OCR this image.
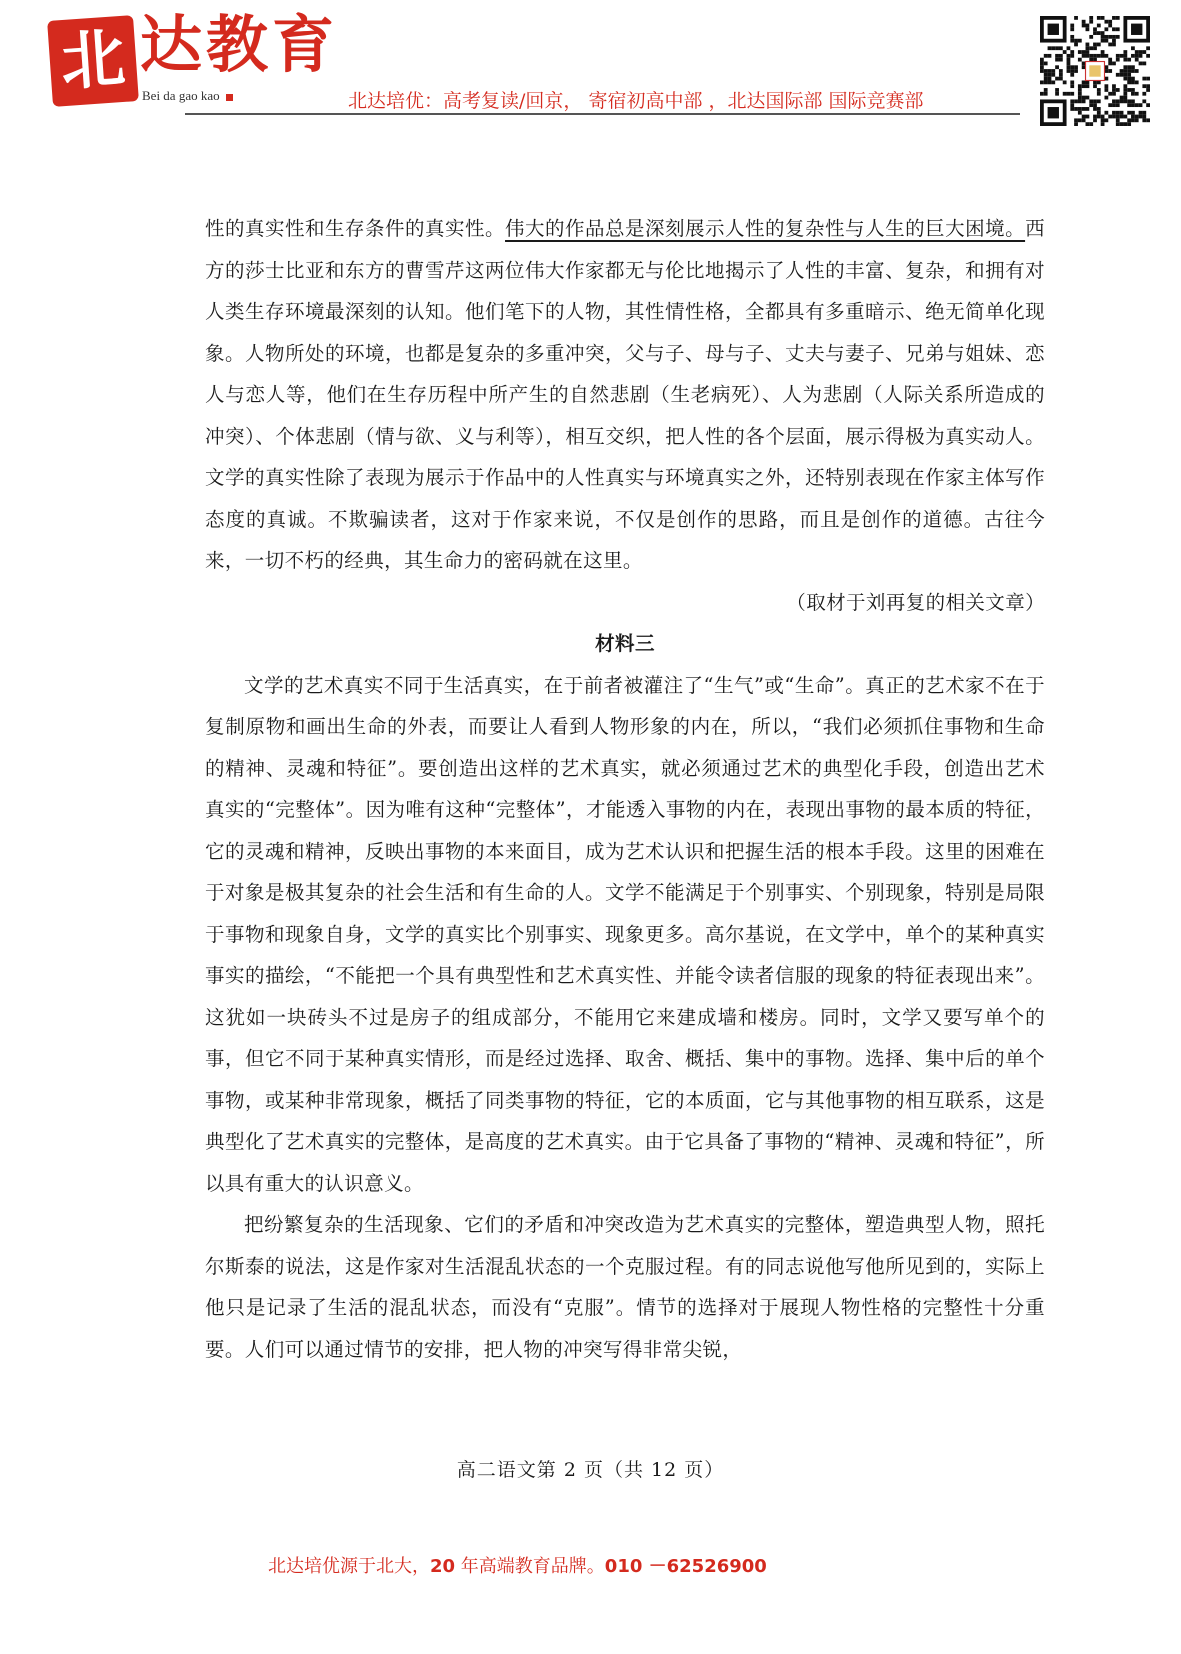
北 达教育
Bei da gao kao	北达培优：高考复读/回京， 寄宿初高中部 ，北达国际部 国际竞赛部

性的真实性和生存条件的真实性。伟大的作品总是深刻展示人性的复杂性与人生的巨大困境。西方的莎士比亚和东方的曹雪芹这两位伟大作家都无与伦比地揭示了人性的丰富、复杂，和拥有对人类生存环境最深刻的认知。他们笔下的人物，其性情性格，全都具有多重暗示、绝无简单化现象。人物所处的环境，也都是复杂的多重冲突，父与子、母与子、丈夫与妻子、兄弟与姐妹、恋人与恋人等，他们在生存历程中所产生的自然悲剧（生老病死）、人为悲剧（人际关系所造成的冲突）、个体悲剧（情与欲、义与利等），相互交织，把人性的各个层面，展示得极为真实动人。文学的真实性除了表现为展示于作品中的人性真实与环境真实之外，还特别表现在作家主体写作态度的真诚。不欺骗读者，这对于作家来说，不仅是创作的思路，而且是创作的道德。古往今来，一切不朽的经典，其生命力的密码就在这里。

（取材于刘再复的相关文章）

材料三

文学的艺术真实不同于生活真实，在于前者被灌注了“生气”或“生命”。真正的艺术家不在于复制原物和画出生命的外表，而要让人看到人物形象的内在，所以，“我们必须抓住事物和生命的精神、灵魂和特征”。要创造出这样的艺术真实，就必须通过艺术的典型化手段，创造出艺术真实的“完整体”。因为唯有这种“完整体”，才能透入事物的内在，表现出事物的最本质的特征，它的灵魂和精神，反映出事物的本来面目，成为艺术认识和把握生活的根本手段。这里的困难在于对象是极其复杂的社会生活和有生命的人。文学不能满足于个别事实、个别现象，特别是局限于事物和现象自身，文学的真实比个别事实、现象更多。高尔基说，在文学中，单个的某种真实事实的描绘，“不能把一个具有典型性和艺术真实性、并能令读者信服的现象的特征表现出来”。这犹如一块砖头不过是房子的组成部分，不能用它来建成墙和楼房。同时，文学又要写单个的事，但它不同于某种真实情形，而是经过选择、取舍、概括、集中的事物。选择、集中后的单个事物，或某种非常现象，概括了同类事物的特征，它的本质面，它与其他事物的相互联系，这是典型化了艺术真实的完整体，是高度的艺术真实。由于它具备了事物的“精神、灵魂和特征”，所以具有重大的认识意义。

把纷繁复杂的生活现象、它们的矛盾和冲突改造为艺术真实的完整体，塑造典型人物，照托尔斯泰的说法，这是作家对生活混乱状态的一个克服过程。有的同志说他写他所见到的，实际上他只是记录了生活的混乱状态，而没有“克服”。情节的选择对于展现人物性格的完整性十分重要。人们可以通过情节的安排，把人物的冲突写得非常尖锐，

高二语文第 2 页（共 12 页）
北达培优源于北大，20 年高端教育品牌。010 －62526900
